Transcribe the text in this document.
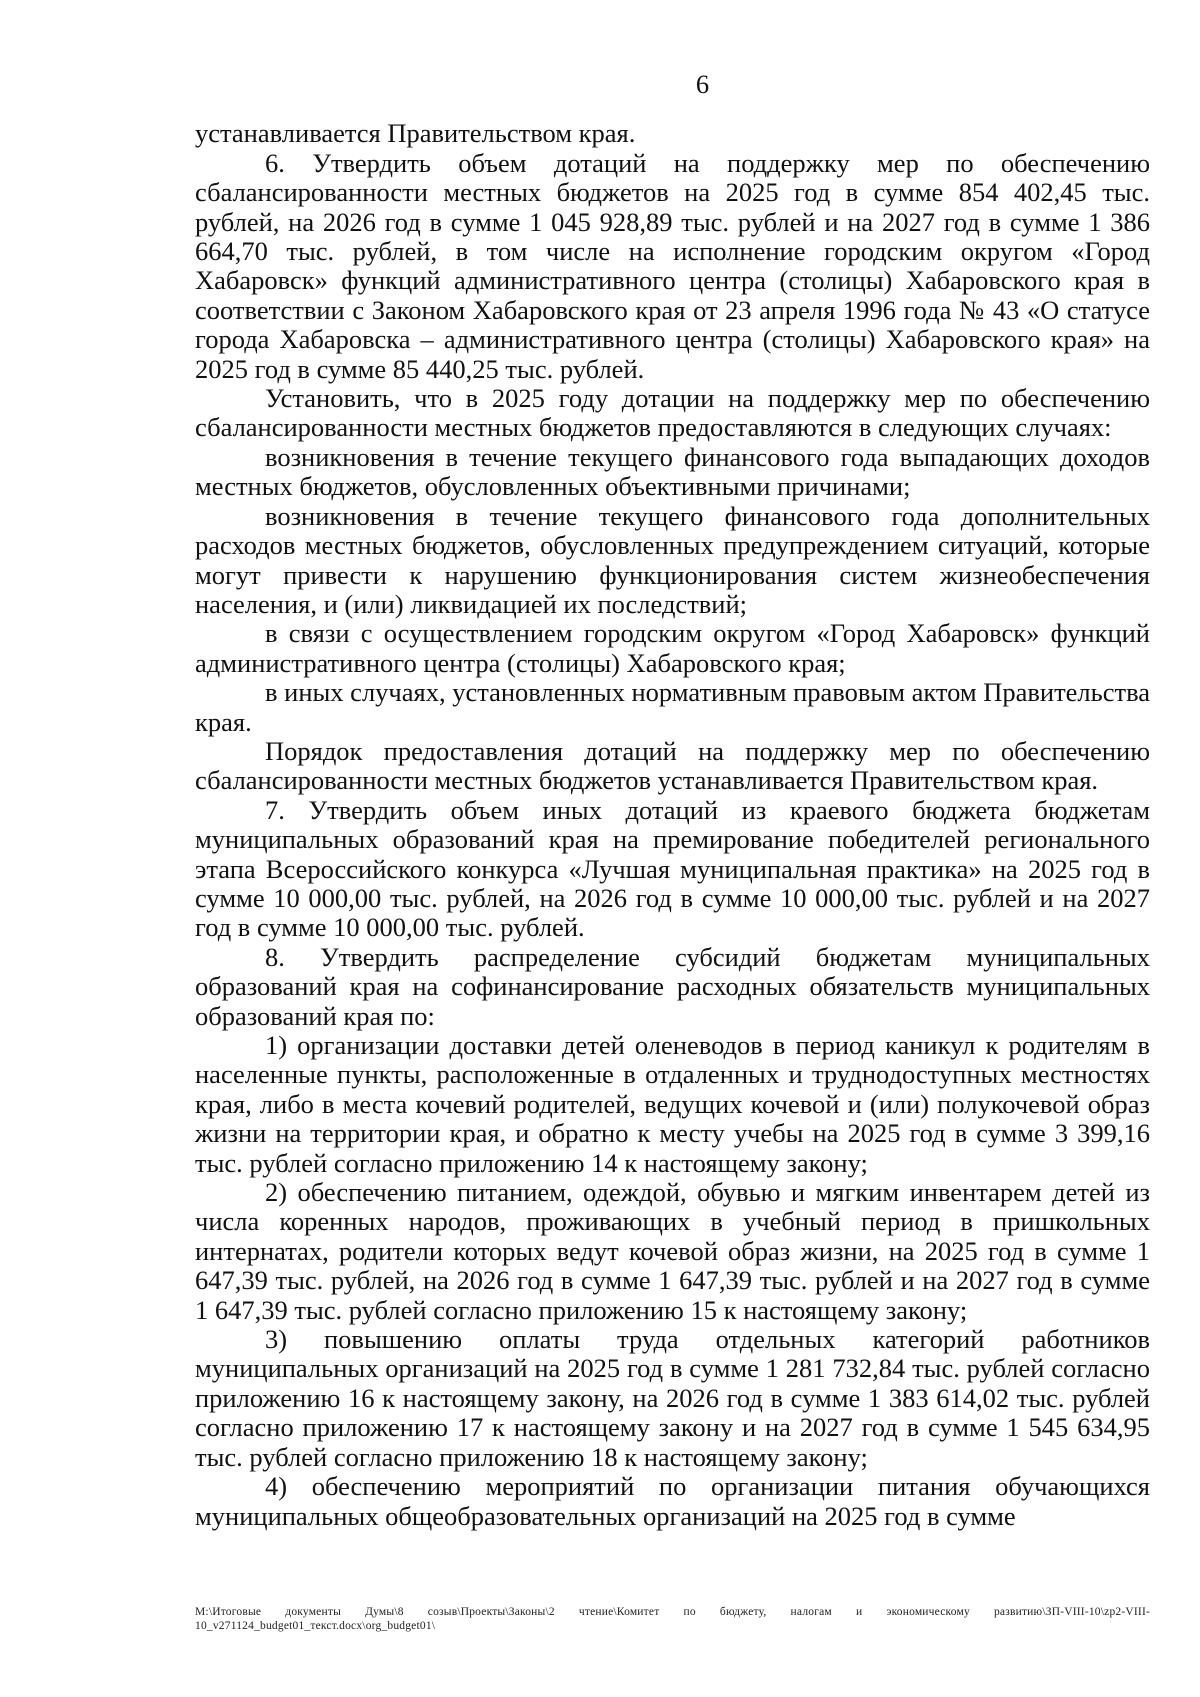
6

устанавливается Правительством края.

6. Утвердить объем дотаций на поддержку мер по обеспечению сбалансированности местных бюджетов на 2025 год в сумме 854 402,45 тыс. рублей, на 2026 год в сумме 1 045 928,89 тыс. рублей и на 2027 год в сумме 1 386 664,70 тыс. рублей, в том числе на исполнение городским округом «Город Хабаровск» функций административного центра (столицы) Хабаровского края в соответствии с Законом Хабаровского края от 23 апреля 1996 года № 43 «О статусе города Хабаровска – административного центра (столицы) Хабаровского края» на 2025 год в сумме 85 440,25 тыс. рублей.

Установить, что в 2025 году дотации на поддержку мер по обеспечению сбалансированности местных бюджетов предоставляются в следующих случаях:

возникновения в течение текущего финансового года выпадающих доходов местных бюджетов, обусловленных объективными причинами;

возникновения в течение текущего финансового года дополнительных расходов местных бюджетов, обусловленных предупреждением ситуаций, которые могут привести к нарушению функционирования систем жизнеобеспечения населения, и (или) ликвидацией их последствий;

в связи с осуществлением городским округом «Город Хабаровск» функций административного центра (столицы) Хабаровского края;

в иных случаях, установленных нормативным правовым актом Правительства края.

Порядок предоставления дотаций на поддержку мер по обеспечению сбалансированности местных бюджетов устанавливается Правительством края.

7. Утвердить объем иных дотаций из краевого бюджета бюджетам муниципальных образований края на премирование победителей регионального этапа Всероссийского конкурса «Лучшая муниципальная практика» на 2025 год в сумме 10 000,00 тыс. рублей, на 2026 год в сумме 10 000,00 тыс. рублей и на 2027 год в сумме 10 000,00 тыс. рублей.

8. Утвердить распределение субсидий бюджетам муниципальных образований края на софинансирование расходных обязательств муниципальных образований края по:

1) организации доставки детей оленеводов в период каникул к родителям в населенные пункты, расположенные в отдаленных и труднодоступных местностях края, либо в места кочевий родителей, ведущих кочевой и (или) полукочевой образ жизни на территории края, и обратно к месту учебы на 2025 год в сумме 3 399,16 тыс. рублей согласно приложению 14 к настоящему закону;

2) обеспечению питанием, одеждой, обувью и мягким инвентарем детей из числа коренных народов, проживающих в учебный период в пришкольных интернатах, родители которых ведут кочевой образ жизни, на 2025 год в сумме 1 647,39 тыс. рублей, на 2026 год в сумме 1 647,39 тыс. рублей и на 2027 год в сумме 1 647,39 тыс. рублей согласно приложению 15 к настоящему закону;

3) повышению оплаты труда отдельных категорий работников муниципальных организаций на 2025 год в сумме 1 281 732,84 тыс. рублей согласно приложению 16 к настоящему закону, на 2026 год в сумме 1 383 614,02 тыс. рублей согласно приложению 17 к настоящему закону и на 2027 год в сумме 1 545 634,95 тыс. рублей согласно приложению 18 к настоящему закону;

4) обеспечению мероприятий по организации питания обучающихся муниципальных общеобразовательных организаций на 2025 год в сумме

М:\Итоговые документы Думы\8 созыв\Проекты\Законы\2 чтение\Комитет по бюджету, налогам и экономическому развитию\ЗП-VIII-10\zp2-VIII-10_v271124_budget01_текст.docx\org_budget01\
